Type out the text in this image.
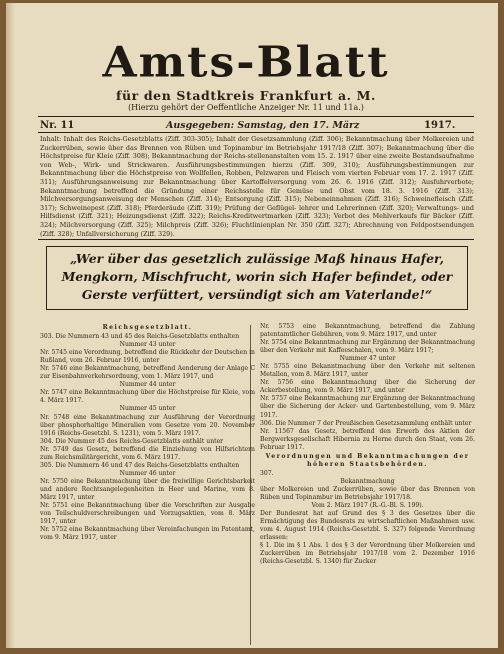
Amts-Blatt
für den Stadtkreis Frankfurt a. M.
(Hierzu gehört der Oeffentliche Anzeiger Nr. 11 und 11a.)
Nr. 11	Ausgegeben: Samstag, den 17. März	1917.
Inhalt: Inhalt des Reichs-Gesetzblatts (Ziff. 303-305); Inhalt der Gesetzsammlung (Ziff. 306); Bekanntmachung über Molkereien und Zuckerrüben, sowie über das Brennen von Rüben und Topinambur im Betriebsjahr 1917/18 (Ziff. 307); Bekanntmachung über die Höchstpreise für Kleie (Ziff. 308); Bekanntmachung der Reichs-stellenanstalten vom 15. 2. 1917 über eine zweite Bestandsaufnahme von Web-, Wirk- und Strickwaren. Ausführungsbestimmungen hierzu (Ziff. 309, 310); Ausführungsbestimmungen zur Bekanntmachung über die Höchstpreise von Wollfellen, Robben, Pelzwaren und Fleisch vom vierten Februar vom 17. 2. 1917 (Ziff. 311); Ausführungsanweisung zur Bekanntmachung über Kartoffelversorgung vom 26. 6. 1916 (Ziff. 312); Ausfuhrverbote; Bekanntmachung betreffend die Gründung einer Reichsstelle für Gemüse und Obst vom 18. 3. 1916 (Ziff. 313); Milchversorgungsanweisung der Menschen (Ziff. 314); Entsorgung (Ziff. 315); Nebeneinnahmen (Ziff. 316); Schweinefleisch (Ziff. 317); Schweinepest (Ziff. 318); Pferderäude (Ziff. 319); Prüfung der Geflügel- lehrer und Lehrerinnen (Ziff. 320); Verwaltungs- und Hilfsdienst (Ziff. 321); Heizungsdienst (Ziff. 322); Reichs-Kreditwertmarken (Ziff. 323); Verbot des Mehlverkaufs für Bäcker (Ziff. 324); Milchversorgung (Ziff. 325); Milchpreis (Ziff. 326); Fluchtlinienplan Nr. 350 (Ziff. 327); Abrechnung von Feldpostsendungen (Ziff. 328); Unfallversicherung (Ziff. 329).

„Wer über das gesetzlich zulässige Maß hinaus Hafer, Mengkorn, Mischfrucht, worin sich Hafer befindet, oder Gerste verfüttert, versündigt sich am Vaterlande!“

Reichsgesetzblatt.

303. Die Nummern 43 und 45 des Reichs-Gesetzblatts enthalten

Nummer 43 unter

Nr. 5745 eine Verordnung, betreffend die Rückkehr der Deutschen in Rußland, vom 26. Februar 1916, unter

Nr. 5746 eine Bekanntmachung, betreffend Aenderung der Anlage C zur Eisenbahnverkehrsordnung, vom 1. März 1917, und

Nummer 44 unter

Nr. 5747 eine Bekanntmachung über die Höchstpreise für Kleie, vom 4. März 1917.

Nummer 45 unter

Nr. 5748 eine Bekanntmachung zur Ausführung der Verordnung über phosphorhaltige Mineralien vom Gesetze vom 20. November 1916 (Reichs-Gesetzbl. S. 1231), vom 5. März 1917.

304. Die Nummer 45 des Reichs-Gesetzblatts enthält unter

Nr. 5749 das Gesetz, betreffend die Einziehung von Hilfsrichtern zum Reichsmilitärgericht, vom 6. März 1917.

305. Die Nummern 46 und 47 des Reichs-Gesetzblatts enthalten

Nummer 46 unter

Nr. 5750 eine Bekanntmachung über die freiwillige Gerichtsbarkeit und andere Rechtsangelegenheiten in Heer und Marine, vom 8. März 1917, unter

Nr. 5751 eine Bekanntmachung über die Vorschriften zur Ausgabe von Teilschuldverschreibungen und Vorzugsaktien, vom 8. März 1917, unter

Nr. 5752 eine Bekanntmachung über Vereinfachungen im Patentamt, vom 9. März 1917, unter

Nr. 5753 eine Bekanntmachung, betreffend die Zahlung patentamtlicher Gebühren, vom 9. März 1917, und unter

Nr. 5754 eine Bekanntmachung zur Ergänzung der Bekanntmachung über den Verkehr mit Kaffeeschalen, vom 9. März 1917;

Nummer 47 unter

Nr. 5755 eine Bekanntmachung über den Verkehr mit seltenen Metallen, vom 8. März 1917, unter

Nr. 5756 eine Bekanntmachung über die Sicherung der Ackerbestellung, vom 9. März 1917, und unter

Nr. 5757 eine Bekanntmachung zur Ergänzung der Bekanntmachung über die Sicherung der Acker- und Gartenbestellung, vom 9. März 1917.

306. Die Nummer 7 der Preußischen Gesetzsammlung enthält unter

Nr. 11567 das Gesetz, betreffend den Erwerb des Aktien der Bergwerksgesellschaft Hibernia zu Herne durch den Staat, vom 26. Februar 1917.

Verordnungen und Bekanntmachungen der höheren Staatsbehörden.

307.

Bekanntmachung

über Molkereien und Zuckerrüben, sowie über das Brennen von Rüben und Topinambur im Betriebsjahr 1917/18.

Vom 2. März 1917 (R.-G.-Bl. S. 199).

Der Bundesrat hat auf Grund des § 3 des Gesetzes über die Ermächtigung des Bundesrats zu wirtschaftlichen Maßnahmen usw. vom 4. August 1914 (Reichs-Gesetzbl. S. 327) folgende Verordnung erlassen:

§ 1. Die im § 1 Abs. 1 des § 3 der Verordnung über Molkereien und Zuckerrüben im Betriebsjahr 1917/18 vom 2. Dezember 1916 (Reichs-Gesetzbl. S. 1340) für Zucker
